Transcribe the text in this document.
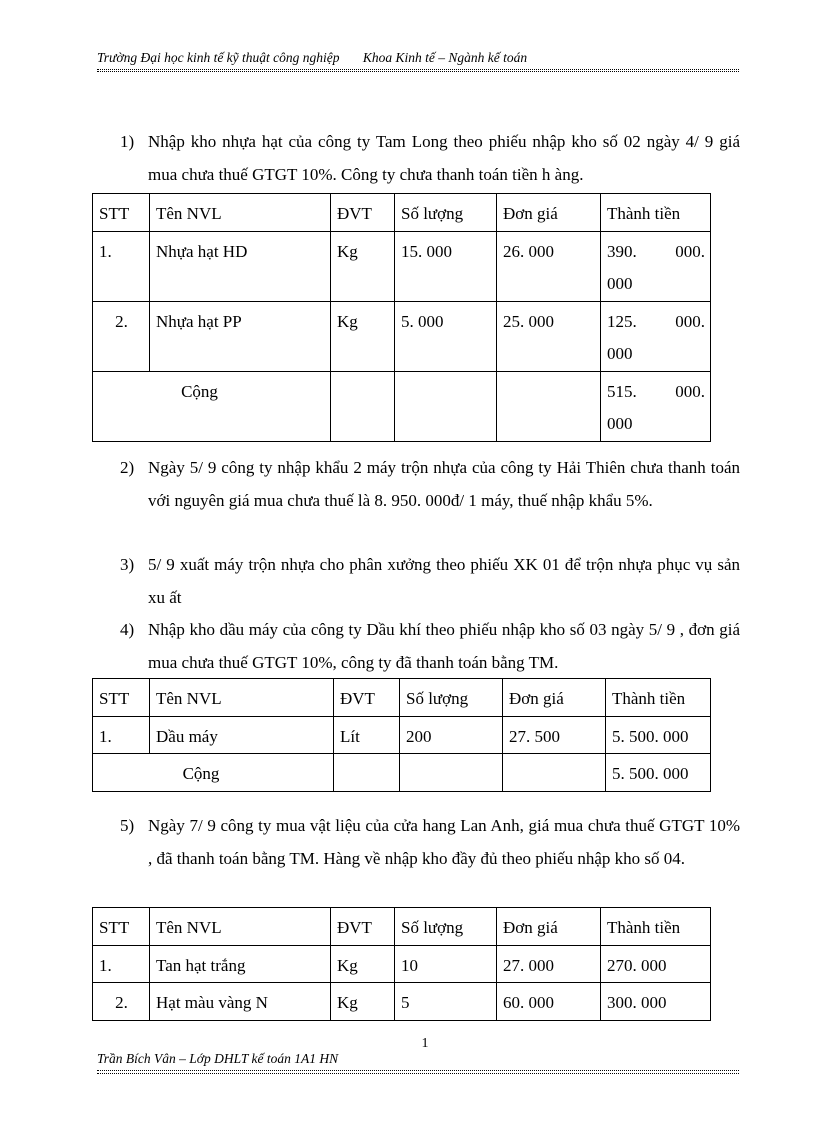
Trường Đại học kinh tế kỹ thuật công nghiệp Khoa Kinh tế – Ngành kế toán
1) Nhập kho nhựa hạt của công ty Tam Long theo phiếu nhập kho số 02 ngày 4/ 9 giá mua chưa thuế GTGT 10%. Công ty chưa thanh toán tiền h àng.
STT	Tên NVL	ĐVT	Số lượng	Đơn giá	Thành tiền
1.	Nhựa hạt HD	Kg	15. 000	26. 000	390. 000.
000

2.	Nhựa hạt PP	Kg	5. 000	25. 000	125. 000.
000

Cộng					515. 000.
000
2) Ngày 5/ 9 công ty nhập khẩu 2 máy trộn nhựa của công ty Hải Thiên chưa thanh toán với nguyên giá mua chưa thuế là 8. 950. 000đ/ 1 máy, thuế nhập khẩu 5%.
3) 5/ 9 xuất máy trộn nhựa cho phân xưởng theo phiếu XK 01 để trộn nhựa phục vụ sản xu ất
4) Nhập kho dầu máy của công ty Dầu khí theo phiếu nhập kho số 03 ngày 5/ 9 , đơn giá mua chưa thuế GTGT 10%, công ty đã thanh toán bằng TM.
STT	Tên NVL	ĐVT	Số lượng	Đơn giá	Thành tiền
1.	Dầu máy	Lít	200	27. 500	5. 500. 000
Cộng					5. 500. 000
5) Ngày 7/ 9 công ty mua vật liệu của cửa hang Lan Anh, giá mua chưa thuế GTGT 10% , đã thanh toán bằng TM. Hàng về nhập kho đầy đủ theo phiếu nhập kho số 04.
STT	Tên NVL	ĐVT	Số lượng	Đơn giá	Thành tiền
1.	Tan hạt trắng	Kg	10	27. 000	270. 000
2.	Hạt màu vàng N	Kg	5	60. 000	300. 000
1
Trần Bích Vân – Lớp DHLT kế toán 1A1 HN
